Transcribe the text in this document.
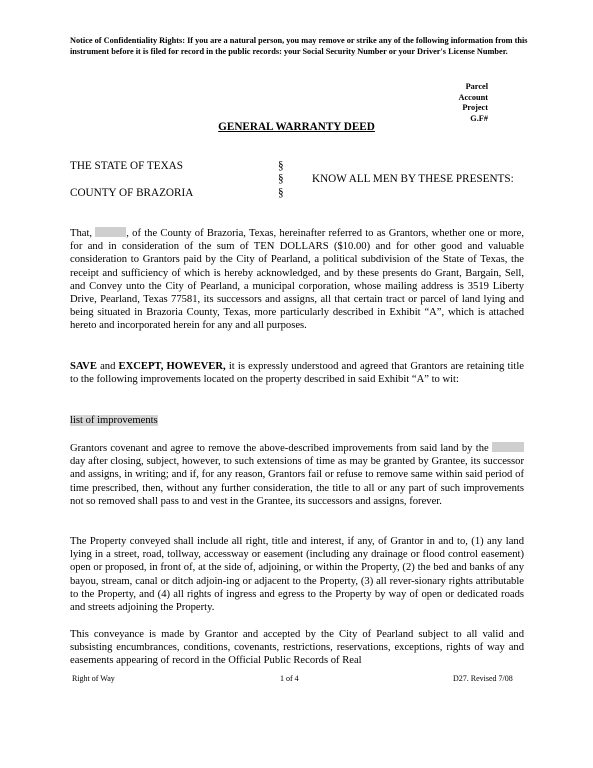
Notice of Confidentiality Rights: If you are a natural person, you may remove or strike any of the following information from this instrument before it is filed for record in the public records: your Social Security Number or your Driver's License Number.
Parcel
Account
Project
G.F#
GENERAL WARRANTY DEED
THE STATE OF TEXAS
COUNTY OF BRAZORIA
§
§
§
KNOW ALL MEN BY THESE PRESENTS:
That,	, of the County of Brazoria, Texas, hereinafter referred to as Grantors, whether one or more, for and in consideration of the sum of TEN DOLLARS ($10.00) and for other good and valuable consideration to Grantors paid by the City of Pearland, a political subdivision of the State of Texas, the receipt and sufficiency of which is hereby acknowledged, and by these presents do Grant, Bargain, Sell, and Convey unto the City of Pearland, a municipal corporation, whose mailing address is 3519 Liberty Drive, Pearland, Texas 77581, its successors and assigns, all that certain tract or parcel of land lying and being situated in Brazoria County, Texas, more particularly described in Exhibit “A”, which is attached hereto and incorporated herein for any and all purposes.
SAVE and EXCEPT, HOWEVER, it is expressly understood and agreed that Grantors are retaining title to the following improvements located on the property described in said Exhibit “A” to wit:
list of improvements
Grantors covenant and agree to remove the above-described improvements from said land by the  day after closing, subject, however, to such extensions of time as may be granted by Grantee, its successor and assigns, in writing; and if, for any reason, Grantors fail or refuse to remove same within said period of time prescribed, then, without any further consideration, the title to all or any part of such improvements not so removed shall pass to and vest in the Grantee, its successors and assigns, forever.
The Property conveyed shall include all right, title and interest, if any, of Grantor in and to, (1) any land lying in a street, road, tollway, accessway or easement (including any drainage or flood control easement) open or proposed, in front of, at the side of, adjoining, or within the Property, (2) the bed and banks of any bayou, stream, canal or ditch adjoin-ing or adjacent to the Property, (3) all rever-sionary rights attributable to the Property, and (4) all rights of ingress and egress to the Property by way of open or dedicated roads and streets adjoining the Property.
This conveyance is made by Grantor and accepted by the City of Pearland subject to all valid and subsisting encumbrances, conditions, covenants, restrictions, reservations, exceptions, rights of way and easements appearing of record in the Official Public Records of Real
Right of Way	1 of 4	D27. Revised 7/08
